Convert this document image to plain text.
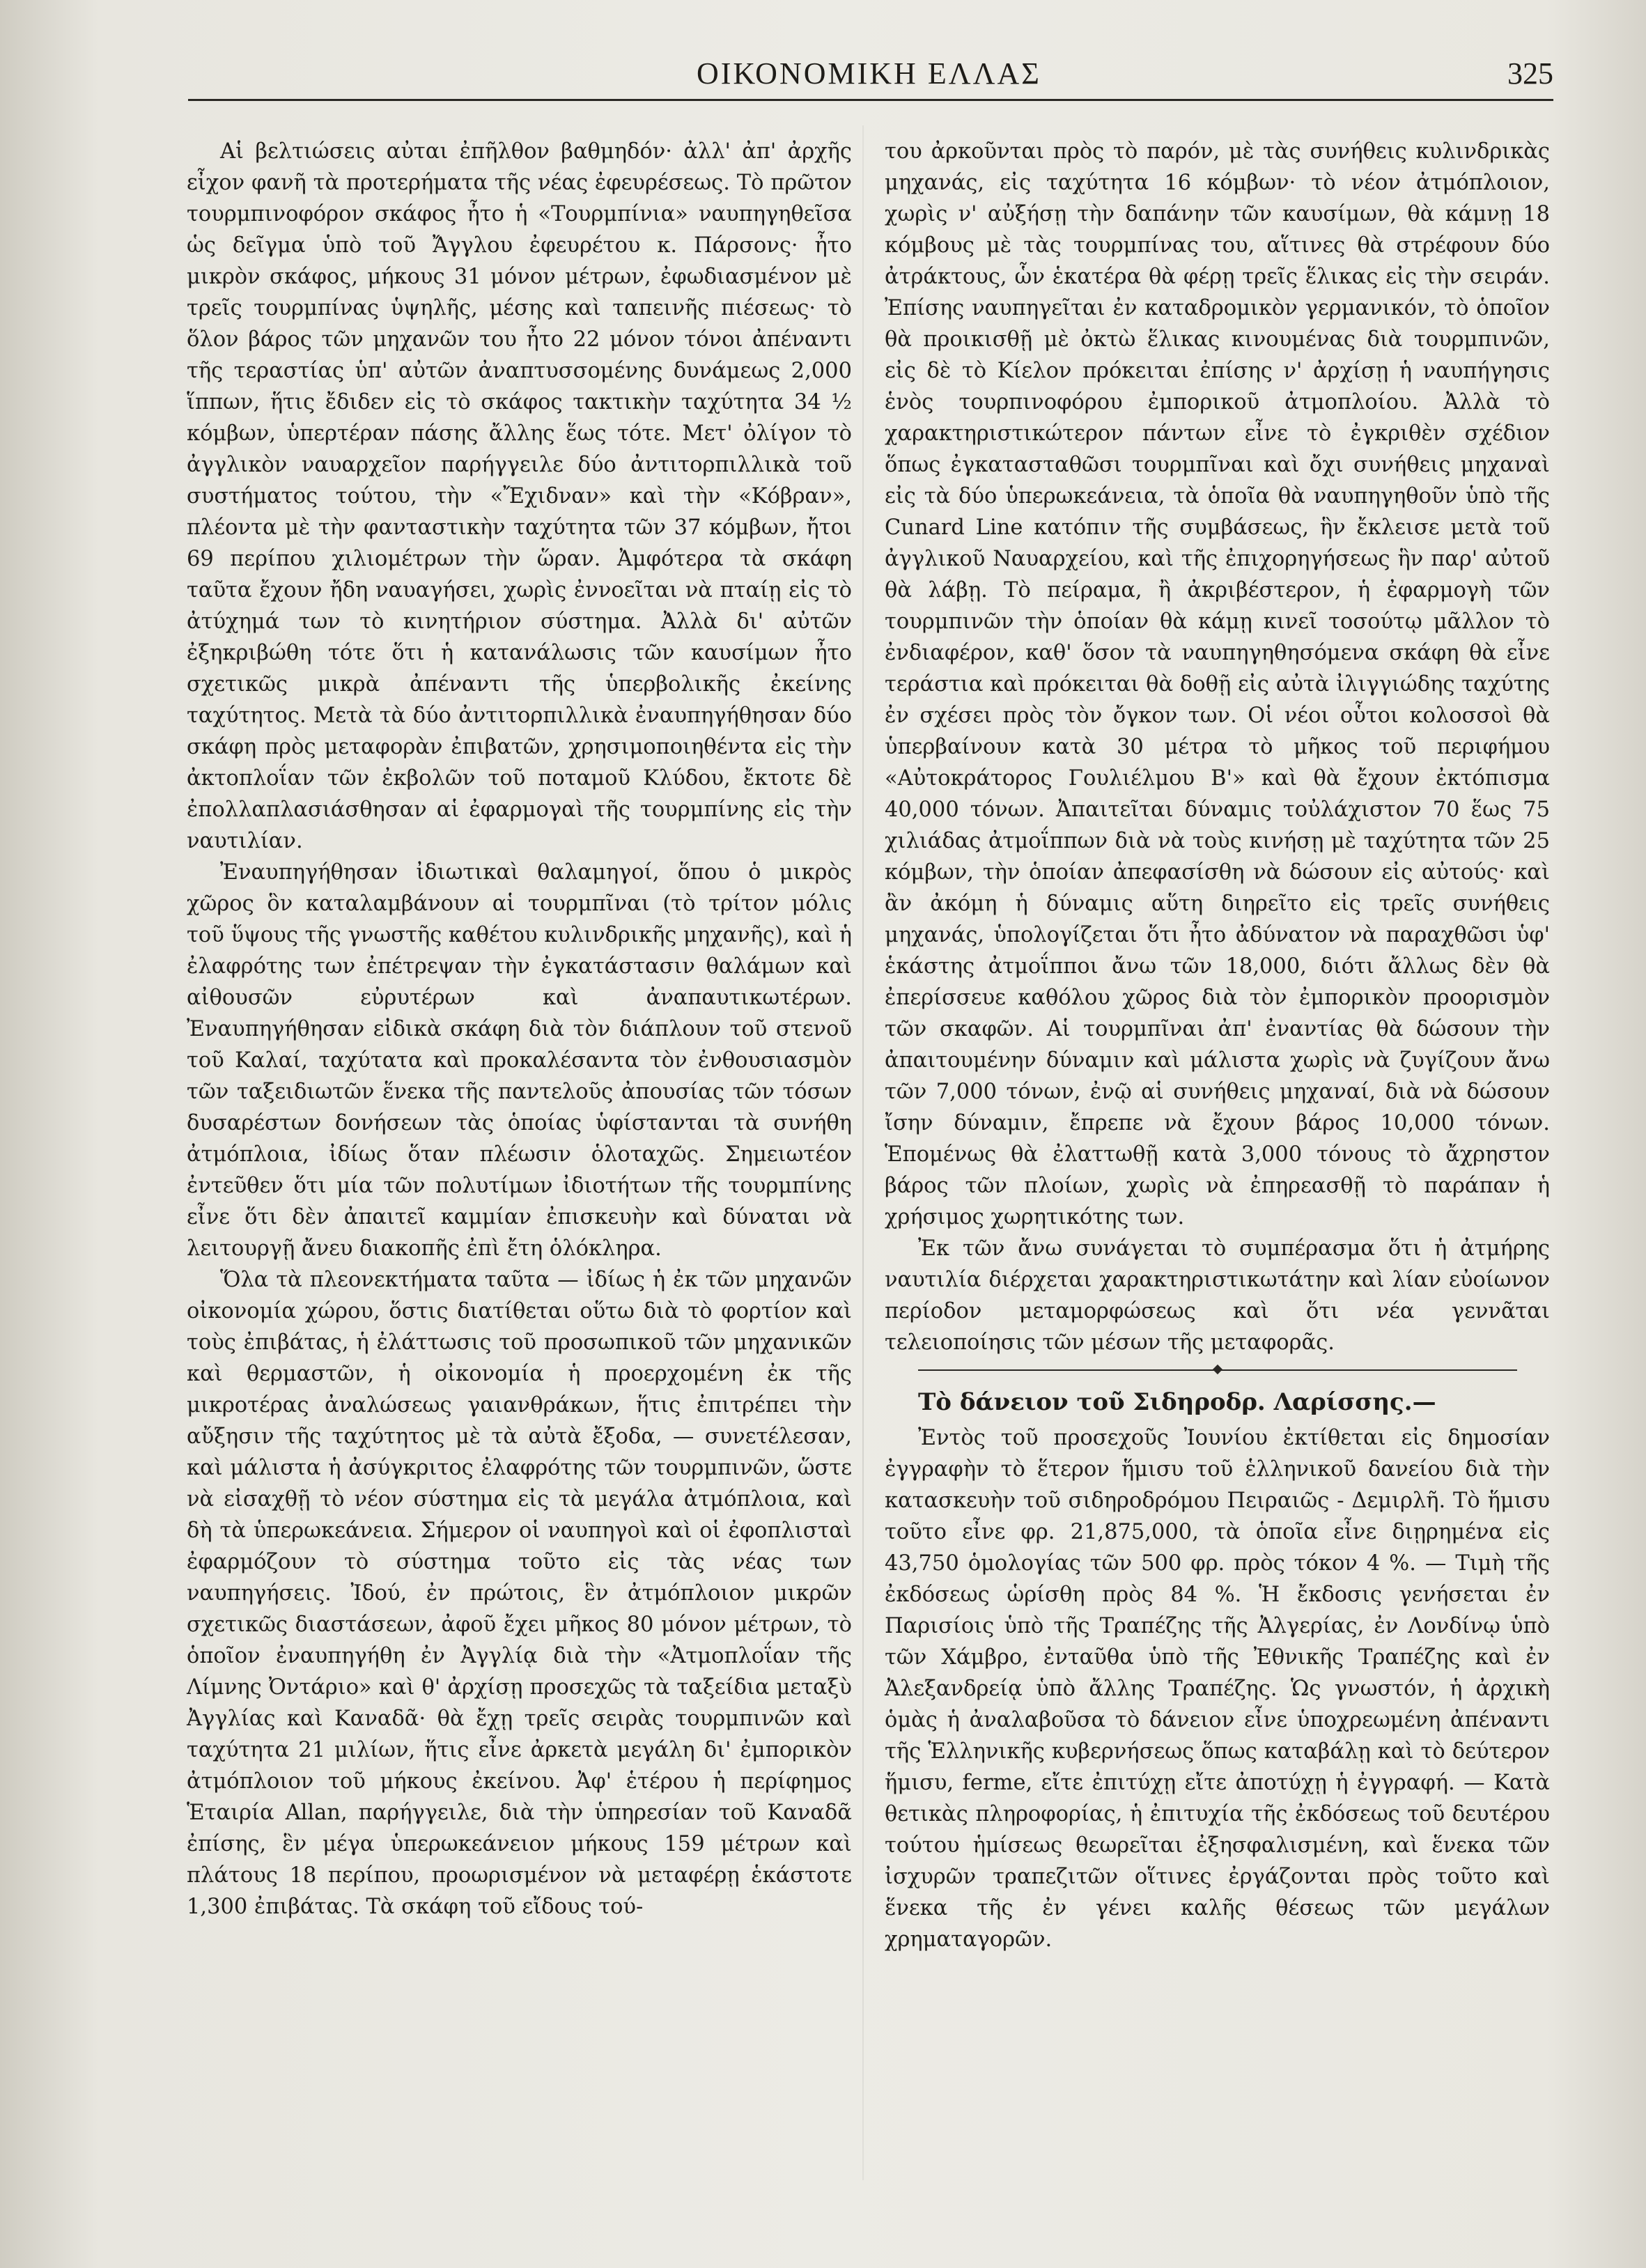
ΟΙΚΟΝΟΜΙΚΗ ΕΛΛΑΣ	325

Αἱ βελτιώσεις αὐται ἐπῆλθον βαθμηδόν· ἀλλ' ἀπ' ἀρχῆς εἶχον φανῆ τὰ προτερήματα τῆς νέας ἐφευρέσεως. Τὸ πρῶτον τουρμπινοφόρον σκάφος ἦτο ἡ «Τουρμπίνια» ναυπηγηθεῖσα ὡς δεῖγμα ὑπὸ τοῦ Ἄγγλου ἐφευρέτου κ. Πάρσονς· ἦτο μικρὸν σκάφος, μήκους 31 μόνον μέτρων, ἐφωδιασμένον μὲ τρεῖς τουρμπίνας ὑψηλῆς, μέσης καὶ ταπεινῆς πιέσεως· τὸ ὅλον βάρος τῶν μηχανῶν του ἦτο 22 μόνον τόνοι ἀπέναντι τῆς τεραστίας ὑπ' αὐτῶν ἀναπτυσσομένης δυνάμεως 2,000 ἵππων, ἥτις ἔδιδεν εἰς τὸ σκάφος τακτικὴν ταχύτητα 34 ½ κόμβων, ὑπερτέραν πάσης ἄλλης ἕως τότε. Μετ' ὀλίγον τὸ ἀγγλικὸν ναυαρχεῖον παρήγγειλε δύο ἀντιτορπιλλικὰ τοῦ συστήματος τούτου, τὴν «Ἔχιδναν» καὶ τὴν «Κόβραν», πλέοντα μὲ τὴν φανταστικὴν ταχύτητα τῶν 37 κόμβων, ἤτοι 69 περίπου χιλιομέτρων τὴν ὥραν. Ἀμφότερα τὰ σκάφη ταῦτα ἔχουν ἤδη ναυαγήσει, χωρὶς ἐννοεῖται νὰ πταίῃ εἰς τὸ ἀτύχημά των τὸ κινητήριον σύστημα. Ἀλλὰ δι' αὐτῶν ἐξηκριβώθη τότε ὅτι ἡ κατανάλωσις τῶν καυσίμων ἦτο σχετικῶς μικρὰ ἀπέναντι τῆς ὑπερβολικῆς ἐκείνης ταχύτητος. Μετὰ τὰ δύο ἀντιτορπιλλικὰ ἐναυπηγήθησαν δύο σκάφη πρὸς μεταφορὰν ἐπιβατῶν, χρησιμοποιηθέντα εἰς τὴν ἀκτοπλοΐαν τῶν ἐκβολῶν τοῦ ποταμοῦ Κλύδου, ἔκτοτε δὲ ἐπολλαπλασιάσθησαν αἱ ἐφαρμογαὶ τῆς τουρμπίνης εἰς τὴν ναυτιλίαν.

Ἐναυπηγήθησαν ἰδιωτικαὶ θαλαμηγοί, ὅπου ὁ μικρὸς χῶρος ὃν καταλαμβάνουν αἱ τουρμπῖναι (τὸ τρίτον μόλις τοῦ ὕψους τῆς γνωστῆς καθέτου κυλινδρικῆς μηχανῆς), καὶ ἡ ἐλαφρότης των ἐπέτρεψαν τὴν ἐγκατάστασιν θαλάμων καὶ αἰθουσῶν εὐρυτέρων καὶ ἀναπαυτικωτέρων. Ἐναυπηγήθησαν εἰδικὰ σκάφη διὰ τὸν διάπλουν τοῦ στενοῦ τοῦ Καλαί, ταχύτατα καὶ προκαλέσαντα τὸν ἐνθουσιασμὸν τῶν ταξειδιωτῶν ἕνεκα τῆς παντελοῦς ἀπουσίας τῶν τόσων δυσαρέστων δονήσεων τὰς ὁποίας ὑφίστανται τὰ συνήθη ἀτμόπλοια, ἰδίως ὅταν πλέωσιν ὁλοταχῶς. Σημειωτέον ἐντεῦθεν ὅτι μία τῶν πολυτίμων ἰδιοτήτων τῆς τουρμπίνης εἶνε ὅτι δὲν ἀπαιτεῖ καμμίαν ἐπισκευὴν καὶ δύναται νὰ λειτουργῇ ἄνευ διακοπῆς ἐπὶ ἔτη ὁλόκληρα.

Ὅλα τὰ πλεονεκτήματα ταῦτα — ἰδίως ἡ ἐκ τῶν μηχανῶν οἰκονομία χώρου, ὅστις διατίθεται οὕτω διὰ τὸ φορτίον καὶ τοὺς ἐπιβάτας, ἡ ἐλάττωσις τοῦ προσωπικοῦ τῶν μηχανικῶν καὶ θερμαστῶν, ἡ οἰκονομία ἡ προερχομένη ἐκ τῆς μικροτέρας ἀναλώσεως γαιανθράκων, ἥτις ἐπιτρέπει τὴν αὔξησιν τῆς ταχύτητος μὲ τὰ αὐτὰ ἔξοδα, — συνετέλεσαν, καὶ μάλιστα ἡ ἀσύγκριτος ἐλαφρότης τῶν τουρμπινῶν, ὥστε νὰ εἰσαχθῇ τὸ νέον σύστημα εἰς τὰ μεγάλα ἀτμόπλοια, καὶ δὴ τὰ ὑπερωκεάνεια. Σήμερον οἱ ναυπηγοὶ καὶ οἱ ἐφοπλισταὶ ἐφαρμόζουν τὸ σύστημα τοῦτο εἰς τὰς νέας των ναυπηγήσεις. Ἰδού, ἐν πρώτοις, ἓν ἀτμόπλοιον μικρῶν σχετικῶς διαστάσεων, ἀφοῦ ἔχει μῆκος 80 μόνον μέτρων, τὸ ὁποῖον ἐναυπηγήθη ἐν Ἀγγλίᾳ διὰ τὴν «Ἀτμοπλοΐαν τῆς Λίμνης Ὀντάριο» καὶ θ' ἀρχίσῃ προσεχῶς τὰ ταξείδια μεταξὺ Ἀγγλίας καὶ Καναδᾶ· θὰ ἔχῃ τρεῖς σειρὰς τουρμπινῶν καὶ ταχύτητα 21 μιλίων, ἥτις εἶνε ἀρκετὰ μεγάλη δι' ἐμπορικὸν ἀτμόπλοιον τοῦ μήκους ἐκείνου. Ἀφ' ἑτέρου ἡ περίφημος Ἑταιρία Allan, παρήγγειλε, διὰ τὴν ὑπηρεσίαν τοῦ Καναδᾶ ἐπίσης, ἓν μέγα ὑπερωκεάνειον μήκους 159 μέτρων καὶ πλάτους 18 περίπου, προωρισμένον νὰ μεταφέρῃ ἑκάστοτε 1,300 ἐπιβάτας. Τὰ σκάφη τοῦ εἴδους τού-

του ἀρκοῦνται πρὸς τὸ παρόν, μὲ τὰς συνήθεις κυλινδρικὰς μηχανάς, εἰς ταχύτητα 16 κόμβων· τὸ νέον ἀτμόπλοιον, χωρὶς ν' αὐξήσῃ τὴν δαπάνην τῶν καυσίμων, θὰ κάμνῃ 18 κόμβους μὲ τὰς τουρμπίνας του, αἵτινες θὰ στρέφουν δύο ἀτράκτους, ὧν ἑκατέρα θὰ φέρῃ τρεῖς ἕλικας εἰς τὴν σειράν. Ἐπίσης ναυπηγεῖται ἐν καταδρομικὸν γερμανικόν, τὸ ὁποῖον θὰ προικισθῇ μὲ ὀκτὼ ἕλικας κινουμένας διὰ τουρμπινῶν, εἰς δὲ τὸ Κίελον πρόκειται ἐπίσης ν' ἀρχίσῃ ἡ ναυπήγησις ἑνὸς τουρπινοφόρου ἐμπορικοῦ ἀτμοπλοίου. Ἀλλὰ τὸ χαρακτηριστικώτερον πάντων εἶνε τὸ ἐγκριθὲν σχέδιον ὅπως ἐγκατασταθῶσι τουρμπῖναι καὶ ὄχι συνήθεις μηχαναὶ εἰς τὰ δύο ὑπερωκεάνεια, τὰ ὁποῖα θὰ ναυπηγηθοῦν ὑπὸ τῆς Cunard Line κατόπιν τῆς συμβάσεως, ἣν ἔκλεισε μετὰ τοῦ ἀγγλικοῦ Ναυαρχείου, καὶ τῆς ἐπιχορηγήσεως ἣν παρ' αὐτοῦ θὰ λάβῃ. Τὸ πείραμα, ἢ ἀκριβέστερον, ἡ ἐφαρμογὴ τῶν τουρμπινῶν τὴν ὁποίαν θὰ κάμῃ κινεῖ τοσούτῳ μᾶλλον τὸ ἐνδιαφέρον, καθ' ὅσον τὰ ναυπηγηθησόμενα σκάφη θὰ εἶνε τεράστια καὶ πρόκειται θὰ δοθῇ εἰς αὐτὰ ἰλιγγιώδης ταχύτης ἐν σχέσει πρὸς τὸν ὄγκον των. Οἱ νέοι οὗτοι κολοσσοὶ θὰ ὑπερβαίνουν κατὰ 30 μέτρα τὸ μῆκος τοῦ περιφήμου «Αὐτοκράτορος Γουλιέλμου Β'» καὶ θὰ ἔχουν ἐκτόπισμα 40,000 τόνων. Ἀπαιτεῖται δύναμις τοὐλάχιστον 70 ἕως 75 χιλιάδας ἀτμοΐππων διὰ νὰ τοὺς κινήσῃ μὲ ταχύτητα τῶν 25 κόμβων, τὴν ὁποίαν ἀπεφασίσθη νὰ δώσουν εἰς αὐτούς· καὶ ἂν ἀκόμη ἡ δύναμις αὕτη διηρεῖτο εἰς τρεῖς συνήθεις μηχανάς, ὑπολογίζεται ὅτι ἦτο ἀδύνατον νὰ παραχθῶσι ὑφ' ἑκάστης ἀτμοΐπποι ἄνω τῶν 18,000, διότι ἄλλως δὲν θὰ ἐπερίσσευε καθόλου χῶρος διὰ τὸν ἐμπορικὸν προορισμὸν τῶν σκαφῶν. Αἱ τουρμπῖναι ἀπ' ἐναντίας θὰ δώσουν τὴν ἀπαιτουμένην δύναμιν καὶ μάλιστα χωρὶς νὰ ζυγίζουν ἄνω τῶν 7,000 τόνων, ἐνῷ αἱ συνήθεις μηχαναί, διὰ νὰ δώσουν ἴσην δύναμιν, ἔπρεπε νὰ ἔχουν βάρος 10,000 τόνων. Ἑπομένως θὰ ἐλαττωθῇ κατὰ 3,000 τόνους τὸ ἄχρηστον βάρος τῶν πλοίων, χωρὶς νὰ ἐπηρεασθῇ τὸ παράπαν ἡ χρήσιμος χωρητικότης των.

Ἐκ τῶν ἄνω συνάγεται τὸ συμπέρασμα ὅτι ἡ ἀτμήρης ναυτιλία διέρχεται χαρακτηριστικωτάτην καὶ λίαν εὐοίωνον περίοδον μεταμορφώσεως καὶ ὅτι νέα γεννᾶται τελειοποίησις τῶν μέσων τῆς μεταφορᾶς.

Τὸ δάνειον τοῦ Σιδηροδρ. Λαρίσσης.—

Ἐντὸς τοῦ προσεχοῦς Ἰουνίου ἐκτίθεται εἰς δημοσίαν ἐγγραφὴν τὸ ἕτερον ἥμισυ τοῦ ἑλληνικοῦ δανείου διὰ τὴν κατασκευὴν τοῦ σιδηροδρόμου Πειραιῶς - Δεμιρλῆ. Τὸ ἥμισυ τοῦτο εἶνε φρ. 21,875,000, τὰ ὁποῖα εἶνε διῃρημένα εἰς 43,750 ὁμολογίας τῶν 500 φρ. πρὸς τόκον 4 %. — Τιμὴ τῆς ἐκδόσεως ὡρίσθη πρὸς 84 %. Ἡ ἔκδοσις γενήσεται ἐν Παρισίοις ὑπὸ τῆς Τραπέζης τῆς Ἀλγερίας, ἐν Λονδίνῳ ὑπὸ τῶν Χάμβρο, ἐνταῦθα ὑπὸ τῆς Ἐθνικῆς Τραπέζης καὶ ἐν Ἀλεξανδρείᾳ ὑπὸ ἄλλης Τραπέζης. Ὡς γνωστόν, ἡ ἀρχικὴ ὁμὰς ἡ ἀναλαβοῦσα τὸ δάνειον εἶνε ὑποχρεωμένη ἀπέναντι τῆς Ἑλληνικῆς κυβερνήσεως ὅπως καταβάλῃ καὶ τὸ δεύτερον ἥμισυ, ferme, εἴτε ἐπιτύχῃ εἴτε ἀποτύχῃ ἡ ἐγγραφή. — Κατὰ θετικὰς πληροφορίας, ἡ ἐπιτυχία τῆς ἐκδόσεως τοῦ δευτέρου τούτου ἡμίσεως θεωρεῖται ἐξησφαλισμένη, καὶ ἕνεκα τῶν ἰσχυρῶν τραπεζιτῶν οἵτινες ἐργάζονται πρὸς τοῦτο καὶ ἕνεκα τῆς ἐν γένει καλῆς θέσεως τῶν μεγάλων χρηματαγορῶν.
